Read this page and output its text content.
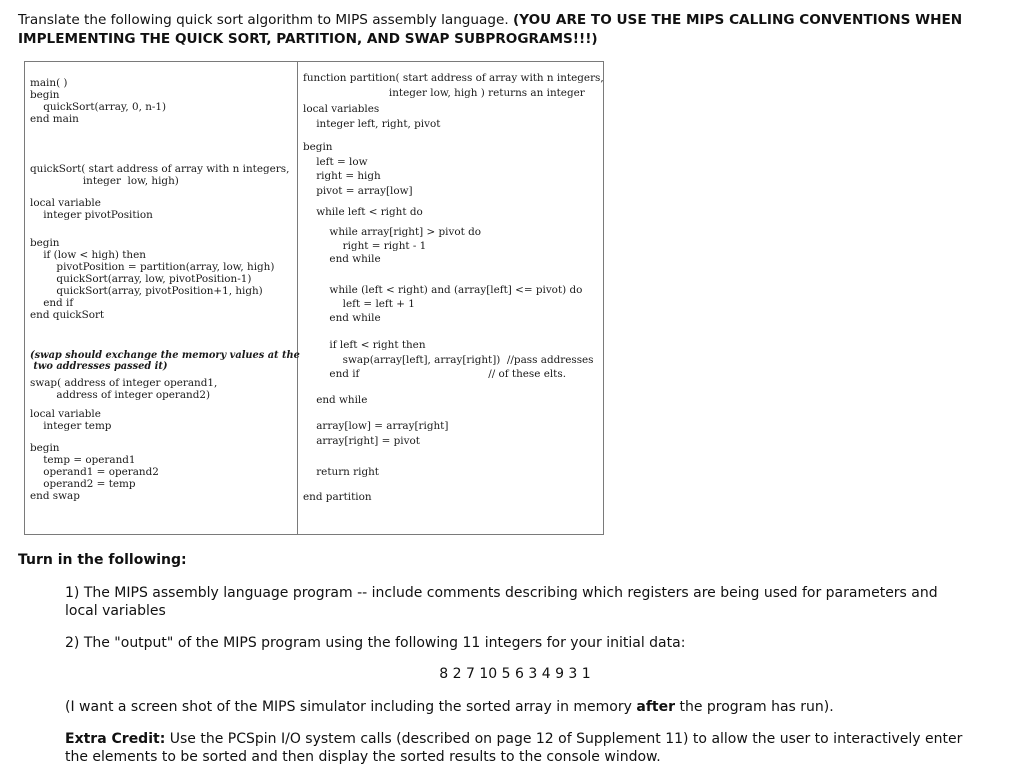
Translate the following quick sort algorithm to MIPS assembly language. (YOU ARE TO USE THE MIPS CALLING CONVENTIONS WHEN IMPLEMENTING THE QUICK SORT, PARTITION, AND SWAP SUBPROGRAMS!!!)
main( )
begin
quickSort(array, 0, n-1)
end main
quickSort( start address of array with n integers,
integer  low, high)
local variable
integer pivotPosition
begin
if (low < high) then
pivotPosition = partition(array, low, high)
quickSort(array, low, pivotPosition-1)
quickSort(array, pivotPosition+1, high)
end if
end quickSort
(swap should exchange the memory values at the
two addresses passed it)
swap( address of integer operand1,
address of integer operand2)
local variable
integer temp
begin
temp = operand1
operand1 = operand2
operand2 = temp
end swap
function partition( start address of array with n integers,
integer low, high ) returns an integer
local variables
integer left, right, pivot
begin
left = low
right = high
pivot = array[low]
while left < right do
while array[right] > pivot do
right = right - 1
end while
while (left < right) and (array[left] <= pivot) do
left = left + 1
end while
if left < right then
swap(array[left], array[right])  //pass addresses
end if                                       // of these elts.
end while
array[low] = array[right]
array[right] = pivot
return right
end partition
Turn in the following:
1) The MIPS assembly language program -- include comments describing which registers are being used for parameters and local variables
2) The "output" of the MIPS program using the following 11 integers for your initial data:
8 2 7 10 5 6 3 4 9 3 1
(I want a screen shot of the MIPS simulator including the sorted array in memory after the program has run).
Extra Credit: Use the PCSpin I/O system calls (described on page 12 of Supplement 11) to allow the user to interactively enter the elements to be sorted and then display the sorted results to the console window.
